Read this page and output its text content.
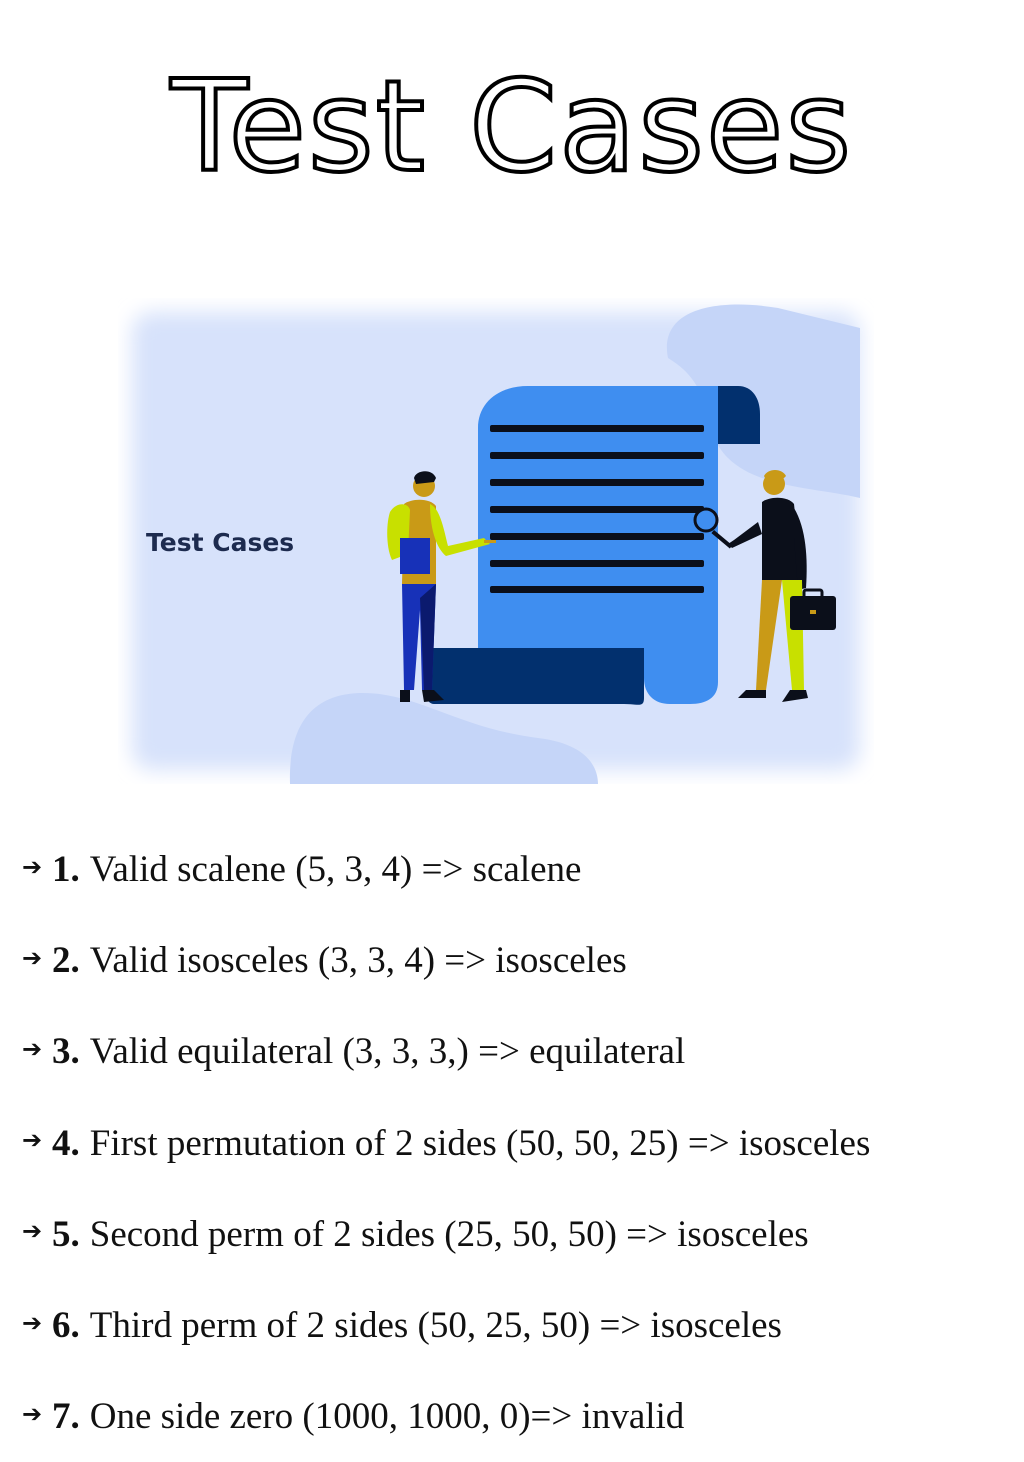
Test Cases
Test Cases
➔ 1. Valid scalene (5, 3, 4) => scalene
➔ 2. Valid isosceles (3, 3, 4) => isosceles
➔ 3. Valid equilateral (3, 3, 3,) => equilateral
➔ 4. First permutation of 2 sides (50, 50, 25) => isosceles
➔ 5. Second perm of 2 sides (25, 50, 50) => isosceles
➔ 6. Third perm of 2 sides (50, 25, 50) => isosceles
➔ 7. One side zero (1000, 1000, 0)=> invalid
